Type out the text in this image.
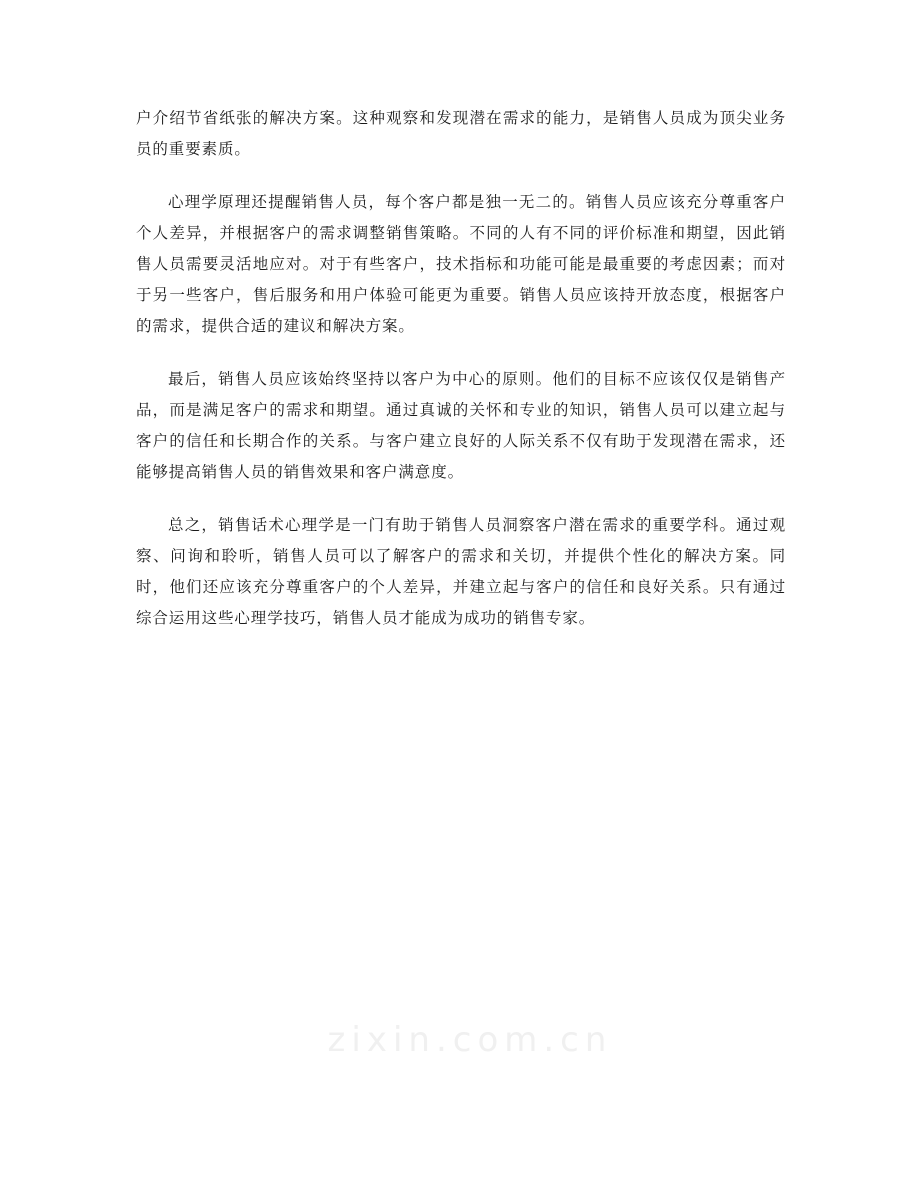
户介绍节省纸张的解决方案。这种观察和发现潜在需求的能力，是销售人员成为顶尖业务员的重要素质。

心理学原理还提醒销售人员，每个客户都是独一无二的。销售人员应该充分尊重客户个人差异，并根据客户的需求调整销售策略。不同的人有不同的评价标准和期望，因此销售人员需要灵活地应对。对于有些客户，技术指标和功能可能是最重要的考虑因素；而对于另一些客户，售后服务和用户体验可能更为重要。销售人员应该持开放态度，根据客户的需求，提供合适的建议和解决方案。

最后，销售人员应该始终坚持以客户为中心的原则。他们的目标不应该仅仅是销售产品，而是满足客户的需求和期望。通过真诚的关怀和专业的知识，销售人员可以建立起与客户的信任和长期合作的关系。与客户建立良好的人际关系不仅有助于发现潜在需求，还能够提高销售人员的销售效果和客户满意度。

总之，销售话术心理学是一门有助于销售人员洞察客户潜在需求的重要学科。通过观察、问询和聆听，销售人员可以了解客户的需求和关切，并提供个性化的解决方案。同时，他们还应该充分尊重客户的个人差异，并建立起与客户的信任和良好关系。只有通过综合运用这些心理学技巧，销售人员才能成为成功的销售专家。

zixin.com.cn
